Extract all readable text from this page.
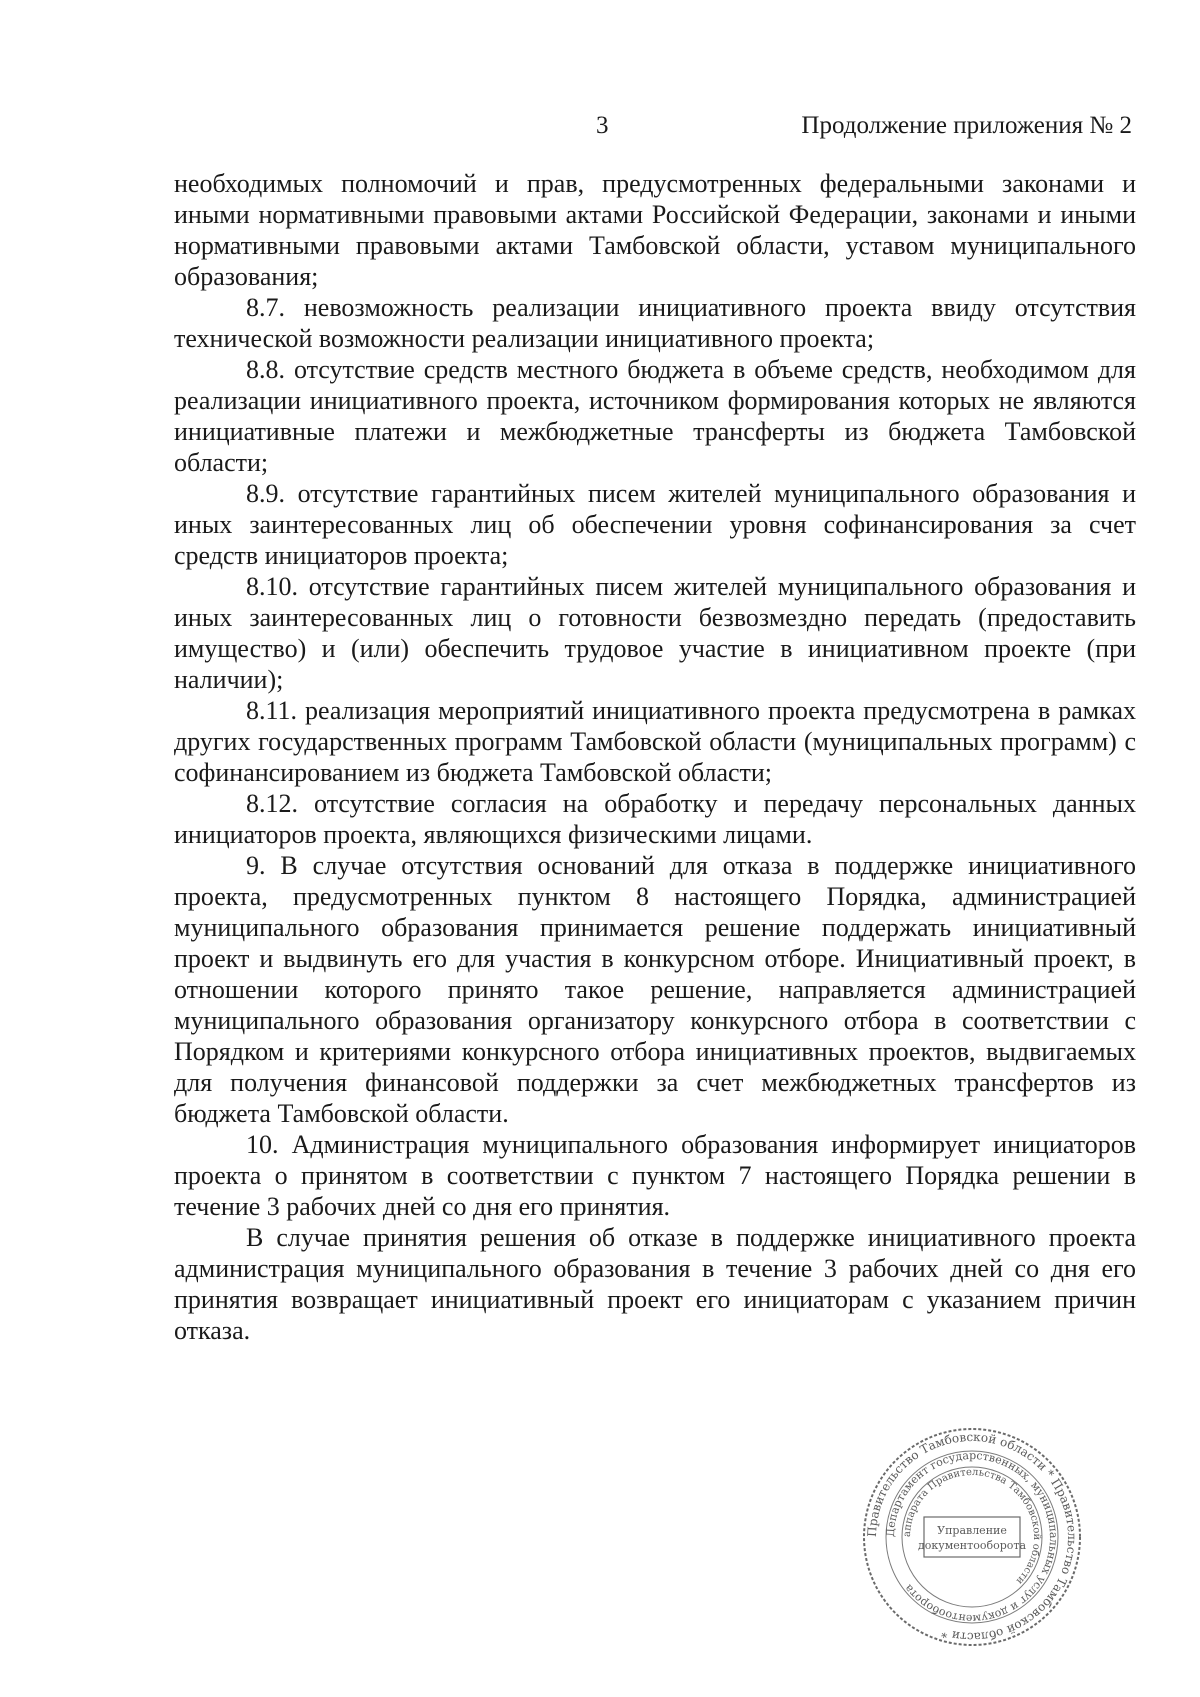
3	Продолжение приложения № 2

необходимых полномочий и прав, предусмотренных федеральными законами и иными нормативными правовыми актами Российской Федерации, законами и иными нормативными правовыми актами Тамбовской области, уставом муниципального образования;

8.7. невозможность реализации инициативного проекта ввиду отсутствия технической возможности реализации инициативного проекта;

8.8. отсутствие средств местного бюджета в объеме средств, необходимом для реализации инициативного проекта, источником формирования которых не являются инициативные платежи и межбюджетные трансферты из бюджета Тамбовской области;

8.9. отсутствие гарантийных писем жителей муниципального образования и иных заинтересованных лиц об обеспечении уровня софинансирования за счет средств инициаторов проекта;

8.10. отсутствие гарантийных писем жителей муниципального образования и иных заинтересованных лиц о готовности безвозмездно передать (предоставить имущество) и (или) обеспечить трудовое участие в инициативном проекте (при наличии);

8.11. реализация мероприятий инициативного проекта предусмотрена в рамках других государственных программ Тамбовской области (муниципальных программ) с софинансированием из бюджета Тамбовской области;

8.12. отсутствие согласия на обработку и передачу персональных данных инициаторов проекта, являющихся физическими лицами.

9. В случае отсутствия оснований для отказа в поддержке инициативного проекта, предусмотренных пунктом 8 настоящего Порядка, администрацией муниципального образования принимается решение поддержать инициативный проект и выдвинуть его для участия в конкурсном отборе. Инициативный проект, в отношении которого принято такое решение, направляется администрацией муниципального образования организатору конкурсного отбора в соответствии с Порядком и критериями конкурсного отбора инициативных проектов, выдвигаемых для получения финансовой поддержки за счет межбюджетных трансфертов из бюджета Тамбовской области.

10. Администрация муниципального образования информирует инициаторов проекта о принятом в соответствии с пунктом 7 настоящего Порядка решении в течение 3 рабочих дней со дня его принятия.

В случае принятия решения об отказе в поддержке инициативного проекта администрация муниципального образования в течение 3 рабочих дней со дня его принятия возвращает инициативный проект его инициаторам с указанием причин отказа.

Правительство Тамбовской области * Правительство Тамбовской области *
Департамент государственных, муниципальных услуг и документооборота
аппарата Правительства Тамбовской области
Управление
документооборота
